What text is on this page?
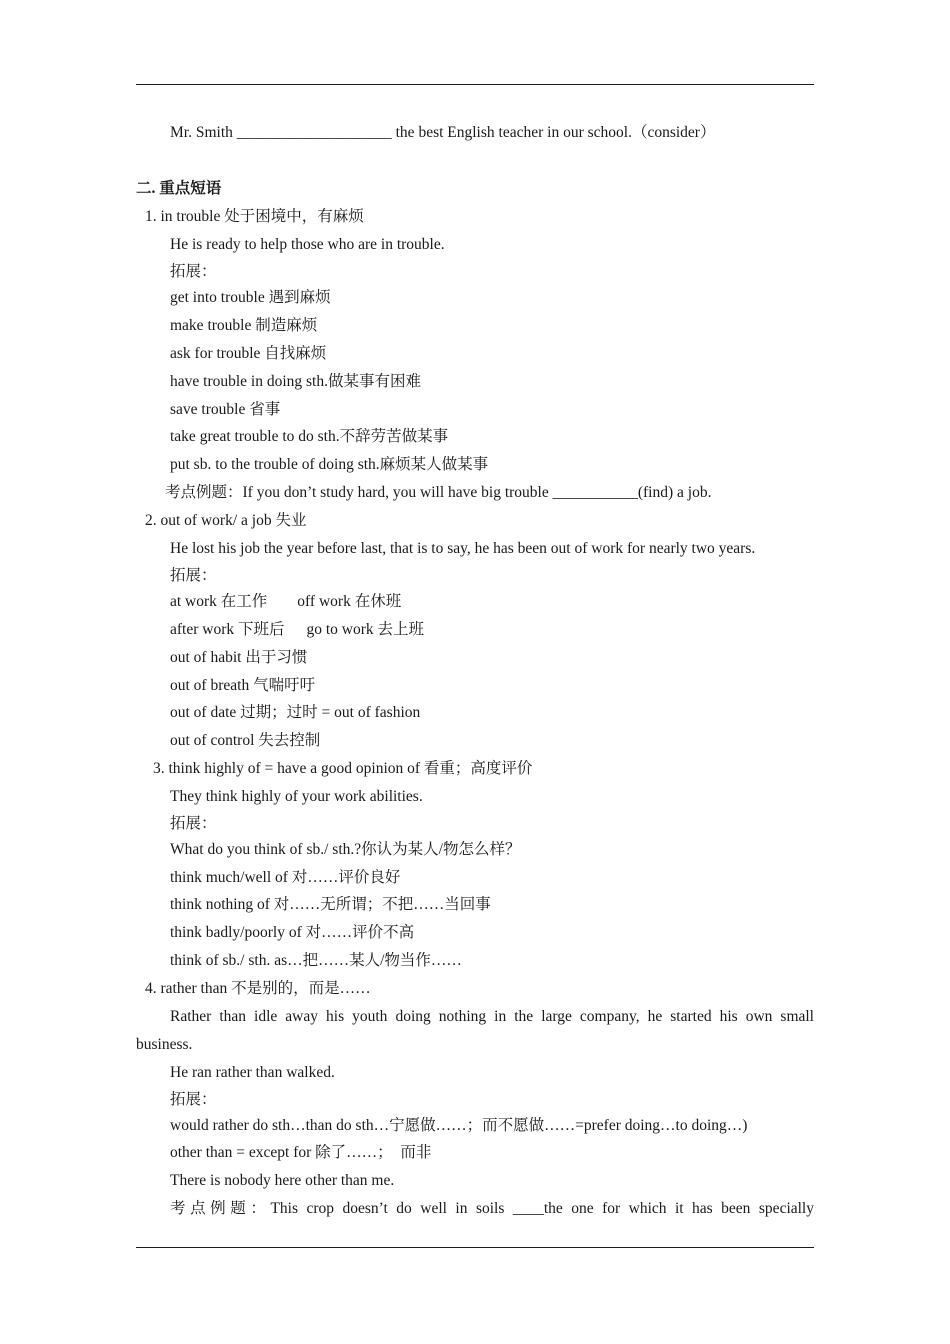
Mr. Smith ____________________ the best English teacher in our school.（consider）
二. 重点短语
1. in trouble 处于困境中，有麻烦
He is ready to help those who are in trouble.
拓展：
get into trouble 遇到麻烦
make trouble 制造麻烦
ask for trouble 自找麻烦
have trouble in doing sth.做某事有困难
save trouble 省事
take great trouble to do sth.不辞劳苦做某事
put sb. to the trouble of doing sth.麻烦某人做某事
考点例题：If you don’t study hard, you will have big trouble ___________(find) a job.
2. out of work/ a job 失业
He lost his job the year before last, that is to say, he has been out of work for nearly two years.
拓展：
at work 在工作 off work 在休班
after work 下班后 go to work 去上班
out of habit 出于习惯
out of breath 气喘吁吁
out of date 过期；过时 = out of fashion
out of control 失去控制
3. think highly of = have a good opinion of 看重；高度评价
They think highly of your work abilities.
拓展：
What do you think of sb./ sth.?你认为某人/物怎么样？
think much/well of 对……评价良好
think nothing of 对……无所谓；不把……当回事
think badly/poorly of 对……评价不高
think of sb./ sth. as…把……某人/物当作……
4. rather than 不是别的，而是……
Rather than idle away his youth doing nothing in the large company, he started his own small
business.
He ran rather than walked.
拓展：
would rather do sth…than do sth…宁愿做……；而不愿做……=prefer doing…to doing…)
other than = except for 除了……；  而非
There is nobody here other than me.
考点例题：This crop doesn’t do well in soils ____the one for which it has been specially
